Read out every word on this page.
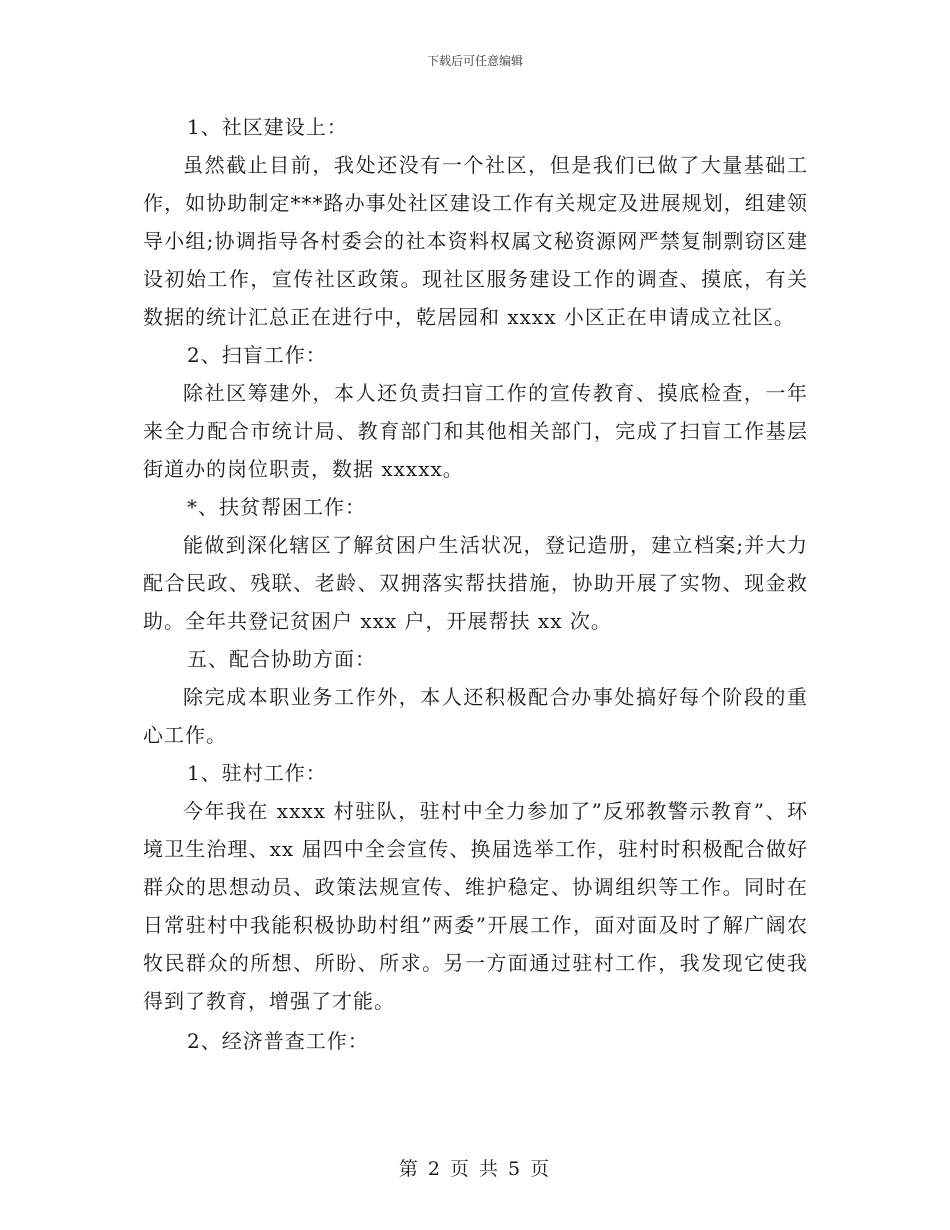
下载后可任意编辑

1、社区建设上：

虽然截止目前，我处还没有一个社区，但是我们已做了大量基础工作，如协助制定***路办事处社区建设工作有关规定及进展规划，组建领导小组;协调指导各村委会的社本资料权属文秘资源网严禁复制剽窃区建设初始工作，宣传社区政策。现社区服务建设工作的调查、摸底，有关数据的统计汇总正在进行中，乾居园和 xxxx 小区正在申请成立社区。

2、扫盲工作：

除社区筹建外，本人还负责扫盲工作的宣传教育、摸底检查，一年来全力配合市统计局、教育部门和其他相关部门，完成了扫盲工作基层街道办的岗位职责，数据 xxxxx。

*、扶贫帮困工作：

能做到深化辖区了解贫困户生活状况，登记造册，建立档案;并大力配合民政、残联、老龄、双拥落实帮扶措施，协助开展了实物、现金救助。全年共登记贫困户 xxx 户，开展帮扶 xx 次。

五、配合协助方面：

除完成本职业务工作外，本人还积极配合办事处搞好每个阶段的重心工作。

1、驻村工作：

今年我在 xxxx 村驻队，驻村中全力参加了”反邪教警示教育”、环境卫生治理、xx 届四中全会宣传、换届选举工作，驻村时积极配合做好群众的思想动员、政策法规宣传、维护稳定、协调组织等工作。同时在日常驻村中我能积极协助村组”两委”开展工作，面对面及时了解广阔农牧民群众的所想、所盼、所求。另一方面通过驻村工作，我发现它使我得到了教育，增强了才能。

2、经济普查工作：

第 2 页 共 5 页
